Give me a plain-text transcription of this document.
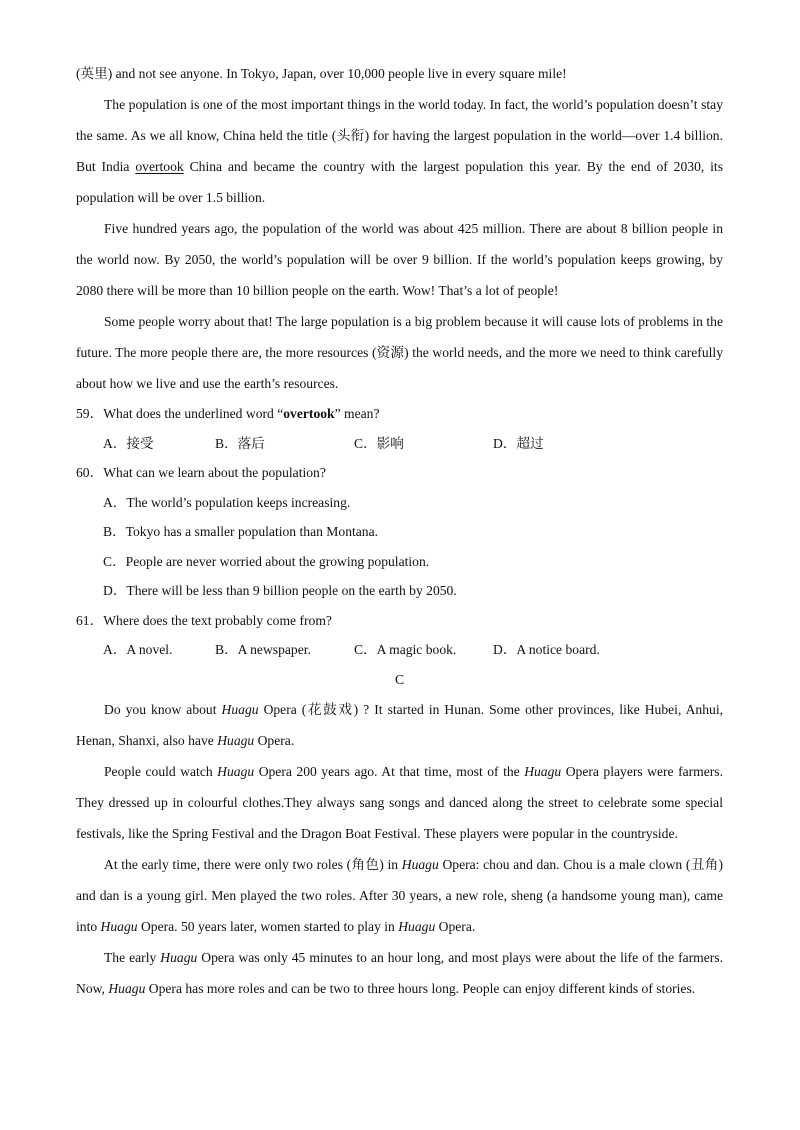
(英里) and not see anyone. In Tokyo, Japan, over 10,000 people live in every square mile!

The population is one of the most important things in the world today. In fact, the world’s population doesn’t stay the same. As we all know, China held the title (头衔) for having the largest population in the world—over 1.4 billion. But India overtook China and became the country with the largest population this year. By the end of 2030, its population will be over 1.5 billion.

Five hundred years ago, the population of the world was about 425 million. There are about 8 billion people in the world now. By 2050, the world’s population will be over 9 billion. If the world’s population keeps growing, by 2080 there will be more than 10 billion people on the earth. Wow! That’s a lot of people!

Some people worry about that! The large population is a big problem because it will cause lots of problems in the future. The more people there are, the more resources (资源) the world needs, and the more we need to think carefully about how we live and use the earth’s resources.

59．What does the underlined word “overtook” mean?

A．接受	B．落后	C．影响	D．超过

60．What can we learn about the population?

A．The world’s population keeps increasing.
B．Tokyo has a smaller population than Montana.
C．People are never worried about the growing population.
D．There will be less than 9 billion people on the earth by 2050.

61．Where does the text probably come from?

A．A novel.	B．A newspaper.	C．A magic book.	D．A notice board.

C

Do you know about Huagu Opera (花鼓戏) ? It started in Hunan. Some other provinces, like Hubei, Anhui, Henan, Shanxi, also have Huagu Opera.

People could watch Huagu Opera 200 years ago. At that time, most of the Huagu Opera players were farmers. They dressed up in colourful clothes.They always sang songs and danced along the street to celebrate some special festivals, like the Spring Festival and the Dragon Boat Festival. These players were popular in the countryside.

At the early time, there were only two roles (角色) in Huagu Opera: chou and dan. Chou is a male clown (丑角) and dan is a young girl. Men played the two roles. After 30 years, a new role, sheng (a handsome young man), came into Huagu Opera. 50 years later, women started to play in Huagu Opera.

The early Huagu Opera was only 45 minutes to an hour long, and most plays were about the life of the farmers. Now, Huagu Opera has more roles and can be two to three hours long. People can enjoy different kinds of stories.
